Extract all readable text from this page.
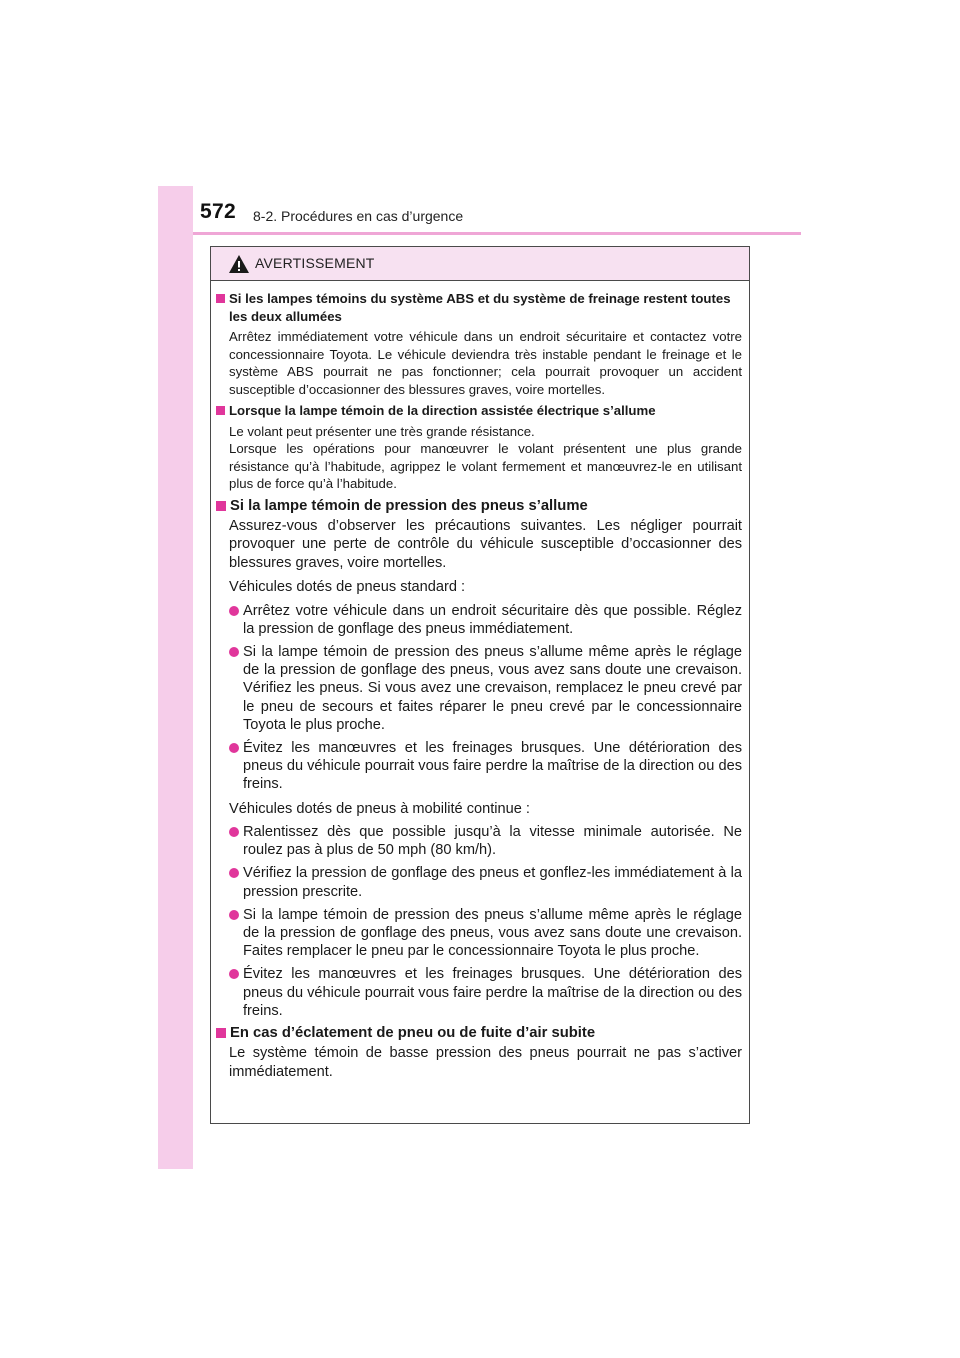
572 8-2. Procédures en cas d’urgence
AVERTISSEMENT
Si les lampes témoins du système ABS et du système de freinage restent toutes les deux allumées

Arrêtez immédiatement votre véhicule dans un endroit sécuritaire et contactez votre concessionnaire Toyota. Le véhicule deviendra très instable pendant le freinage et le système ABS pourrait ne pas fonctionner; cela pourrait provoquer un accident susceptible d’occasionner des blessures graves, voire mortelles.

Lorsque la lampe témoin de la direction assistée électrique s’allume

Le volant peut présenter une très grande résistance.

Lorsque les opérations pour manœuvrer le volant présentent une plus grande résistance qu’à l’habitude, agrippez le volant fermement et manœuvrez-le en utilisant plus de force qu’à l’habitude.

Si la lampe témoin de pression des pneus s’allume

Assurez-vous d’observer les précautions suivantes. Les négliger pourrait provoquer une perte de contrôle du véhicule susceptible d’occasionner des blessures graves, voire mortelles.

Véhicules dotés de pneus standard :

Arrêtez votre véhicule dans un endroit sécuritaire dès que possible. Réglez la pression de gonflage des pneus immédiatement.
Si la lampe témoin de pression des pneus s’allume même après le réglage de la pression de gonflage des pneus, vous avez sans doute une crevaison. Vérifiez les pneus. Si vous avez une crevaison, remplacez le pneu crevé par le pneu de secours et faites réparer le pneu crevé par le concessionnaire Toyota le plus proche.
Évitez les manœuvres et les freinages brusques. Une détérioration des pneus du véhicule pourrait vous faire perdre la maîtrise de la direction ou des freins.

Véhicules dotés de pneus à mobilité continue :

Ralentissez dès que possible jusqu’à la vitesse minimale autorisée. Ne roulez pas à plus de 50 mph (80 km/h).
Vérifiez la pression de gonflage des pneus et gonflez-les immédiatement à la pression prescrite.
Si la lampe témoin de pression des pneus s’allume même après le réglage de la pression de gonflage des pneus, vous avez sans doute une crevaison. Faites remplacer le pneu par le concessionnaire Toyota le plus proche.
Évitez les manœuvres et les freinages brusques. Une détérioration des pneus du véhicule pourrait vous faire perdre la maîtrise de la direction ou des freins.
En cas d’éclatement de pneu ou de fuite d’air subite

Le système témoin de basse pression des pneus pourrait ne pas s’activer immédiatement.
